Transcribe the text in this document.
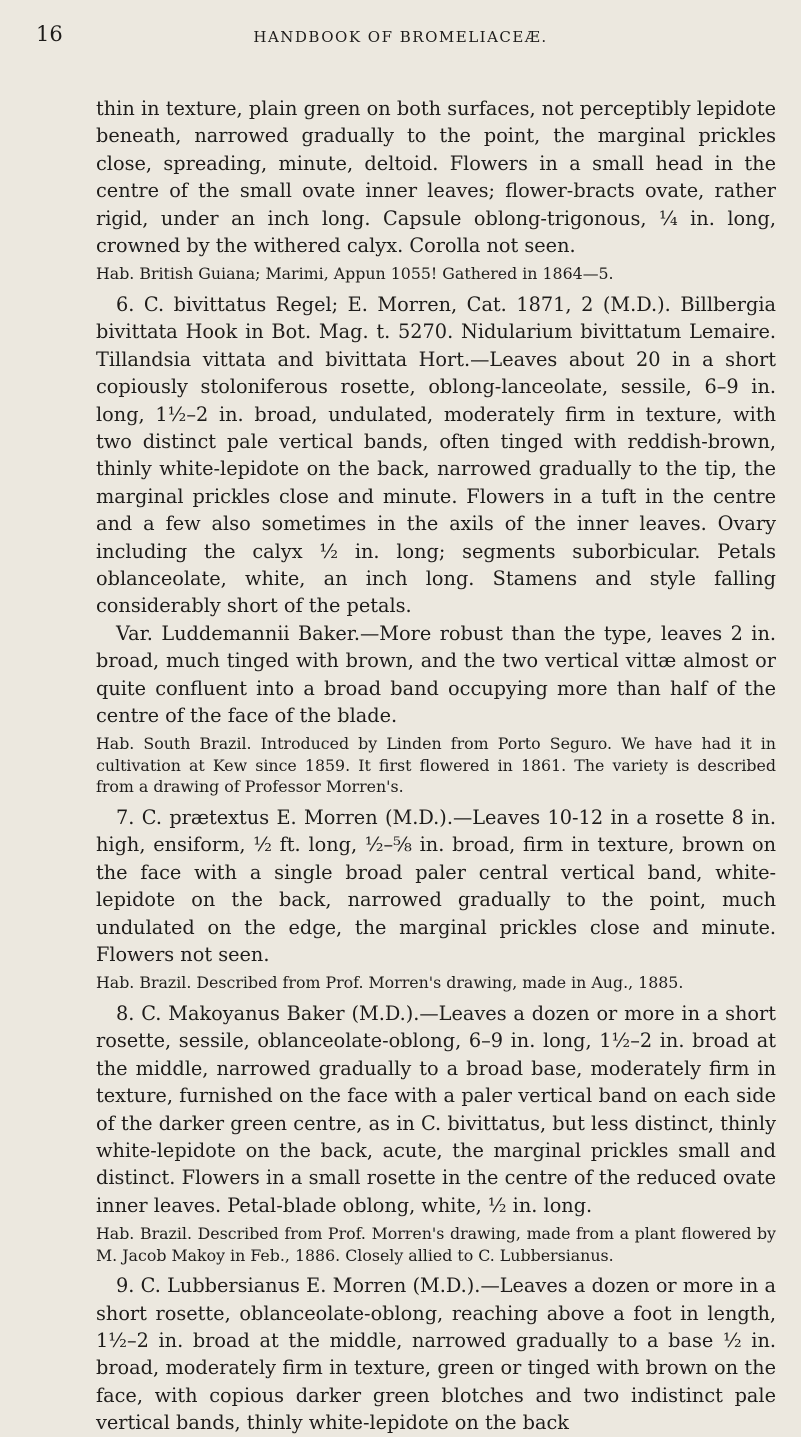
16	HANDBOOK OF BROMELIACEÆ.

thin in texture, plain green on both surfaces, not perceptibly lepidote beneath, narrowed gradually to the point, the marginal prickles close, spreading, minute, deltoid. Flowers in a small head in the centre of the small ovate inner leaves; flower-bracts ovate, rather rigid, under an inch long. Capsule oblong-trigonous, ¼ in. long, crowned by the withered calyx. Corolla not seen.

Hab. British Guiana; Marimi, Appun 1055! Gathered in 1864—5.

6. C. bivittatus Regel; E. Morren, Cat. 1871, 2 (M.D.). Billbergia bivittata Hook in Bot. Mag. t. 5270. Nidularium bivittatum Lemaire. Tillandsia vittata and bivittata Hort.—Leaves about 20 in a short copiously stoloniferous rosette, oblong-lanceolate, sessile, 6–9 in. long, 1½–2 in. broad, undulated, moderately firm in texture, with two distinct pale vertical bands, often tinged with reddish-brown, thinly white-lepidote on the back, narrowed gradually to the tip, the marginal prickles close and minute. Flowers in a tuft in the centre and a few also sometimes in the axils of the inner leaves. Ovary including the calyx ½ in. long; segments suborbicular. Petals oblanceolate, white, an inch long. Stamens and style falling considerably short of the petals.

Var. Luddemannii Baker.—More robust than the type, leaves 2 in. broad, much tinged with brown, and the two vertical vittæ almost or quite confluent into a broad band occupying more than half of the centre of the face of the blade.

Hab. South Brazil. Introduced by Linden from Porto Seguro. We have had it in cultivation at Kew since 1859. It first flowered in 1861. The variety is described from a drawing of Professor Morren's.

7. C. prætextus E. Morren (M.D.).—Leaves 10-12 in a rosette 8 in. high, ensiform, ½ ft. long, ½–⅝ in. broad, firm in texture, brown on the face with a single broad paler central vertical band, white-lepidote on the back, narrowed gradually to the point, much undulated on the edge, the marginal prickles close and minute. Flowers not seen.

Hab. Brazil. Described from Prof. Morren's drawing, made in Aug., 1885.

8. C. Makoyanus Baker (M.D.).—Leaves a dozen or more in a short rosette, sessile, oblanceolate-oblong, 6–9 in. long, 1½–2 in. broad at the middle, narrowed gradually to a broad base, moderately firm in texture, furnished on the face with a paler vertical band on each side of the darker green centre, as in C. bivittatus, but less distinct, thinly white-lepidote on the back, acute, the marginal prickles small and distinct. Flowers in a small rosette in the centre of the reduced ovate inner leaves. Petal-blade oblong, white, ½ in. long.

Hab. Brazil. Described from Prof. Morren's drawing, made from a plant flowered by M. Jacob Makoy in Feb., 1886. Closely allied to C. Lubbersianus.

9. C. Lubbersianus E. Morren (M.D.).—Leaves a dozen or more in a short rosette, oblanceolate-oblong, reaching above a foot in length, 1½–2 in. broad at the middle, narrowed gradually to a base ½ in. broad, moderately firm in texture, green or tinged with brown on the face, with copious darker green blotches and two indistinct pale vertical bands, thinly white-lepidote on the back
